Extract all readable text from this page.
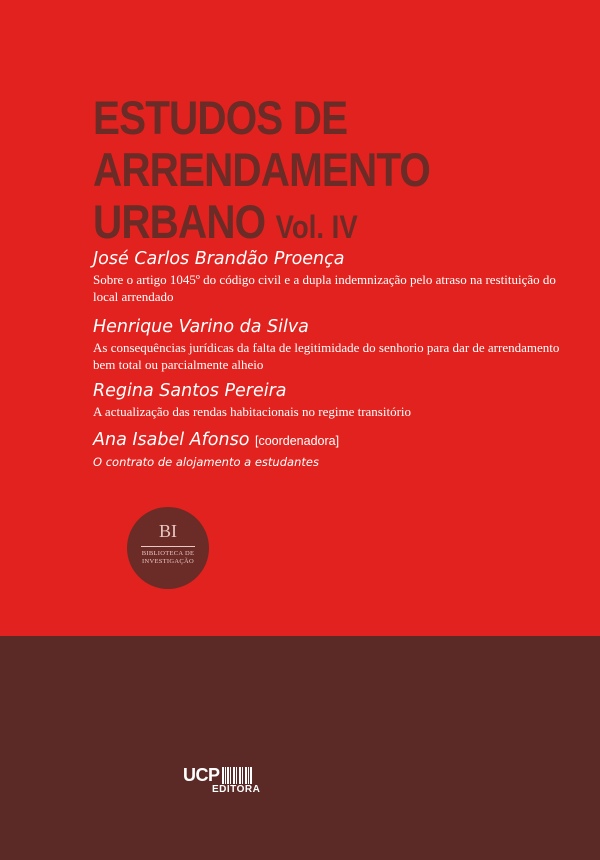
ESTUDOS DE
ARRENDAMENTO
URBANO Vol. IV
José Carlos Brandão Proença
Sobre o artigo 1045º do código civil e a dupla indemnização pelo atraso na restituição do local arrendado
Henrique Varino da Silva
As consequências jurídicas da falta de legitimidade do senhorio para dar de arrendamento bem total ou parcialmente alheio
Regina Santos Pereira
A actualização das rendas habitacionais no regime transitório
Ana Isabel Afonso [coordenadora]
O contrato de alojamento a estudantes
BI
BIBLIOTECA DE
INVESTIGAÇÃO
UCP
EDITORA
